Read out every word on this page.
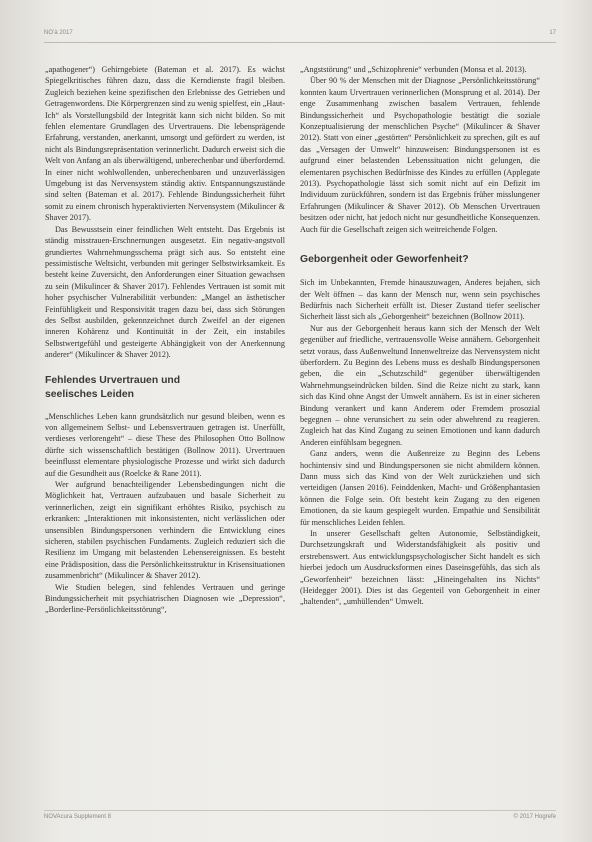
NO’à 2017	17

„apathogener“) Gehirngebiete (Bateman et al. 2017). Es wächst Spiegelkritisches führen dazu, dass die Kerndienste fragil bleiben. Zugleich beziehen keine spezifischen den Erlebnisse des Getrieben und Getragenwordens. Die Körpergrenzen sind zu wenig spielfest, ein „Haut-Ich“ als Vorstellungsbild der Integrität kann sich nicht bilden. So mit fehlen elementare Grundlagen des Urvertrauens. Die lebensprägende Erfahrung, verstanden, anerkannt, umsorgt und gefördert zu werden, ist nicht als Bindungsrepräsentation verinnerlicht. Dadurch erweist sich die Welt von Anfang an als überwältigend, unberechenbar und überfordernd. In einer nicht wohlwollenden, unberechenbaren und unzuverlässigen Umgebung ist das Nervensystem ständig aktiv. Entspannungszustände sind selten (Bateman et al. 2017). Fehlende Bindungssicherheit führt somit zu einem chronisch hyperaktivierten Nervensystem (Mikulincer & Shaver 2017).

Das Bewusstsein einer feindlichen Welt entsteht. Das Ergebnis ist ständig misstrauen-Erschnernungen ausgesetzt. Ein negativ-angstvoll grundiertes Wahrnehmungsschema prägt sich aus. So entsteht eine pessimistische Weltsicht, verbunden mit geringer Selbstwirksamkeit. Es besteht keine Zuversicht, den Anforderungen einer Situation gewachsen zu sein (Mikulincer & Shaver 2017). Fehlendes Vertrauen ist somit mit hoher psychischer Vulnerabilität verbunden: „Mangel an ästhetischer Feinfühligkeit und Responsivität tragen dazu bei, dass sich Störungen des Selbst ausbilden, gekennzeichnet durch Zweifel an der eigenen inneren Kohärenz und Kontinuität in der Zeit, ein instabiles Selbstwertgefühl und gesteigerte Abhängigkeit von der Anerkennung anderer“ (Mikulincer & Shaver 2012).

Fehlendes Urvertrauen und seelisches Leiden

„Menschliches Leben kann grundsätzlich nur gesund bleiben, wenn es von allgemeinem Selbst- und Lebensvertrauen getragen ist. Unerfüllt, verdieses verlorengeht“ – diese These des Philosophen Otto Bollnow dürfte sich wissenschaftlich bestätigen (Bollnow 2011). Urvertrauen beeinflusst elementare physiologische Prozesse und wirkt sich dadurch auf die Gesundheit aus (Roelcke & Rane 2011).

Wer aufgrund benachteiligender Lebensbedingungen nicht die Möglichkeit hat, Vertrauen aufzubauen und basale Sicherheit zu verinnerlichen, zeigt ein signifikant erhöhtes Risiko, psychisch zu erkranken: „Interaktionen mit inkonsistenten, nicht verlässlichen oder unsensiblen Bindungspersonen verhindern die Entwicklung eines sicheren, stabilen psychischen Fundaments. Zugleich reduziert sich die Resilienz im Umgang mit belastenden Lebensereignissen. Es besteht eine Prädisposition, dass die Persönlichkeitsstruktur in Krisensituationen zusammenbricht“ (Mikulincer & Shaver 2012).

Wie Studien belegen, sind fehlendes Vertrauen und geringe Bindungssicherheit mit psychiatrischen Diagnosen wie „Depression“, „Borderline-Persönlichkeitsstörung“,

„Angststörung“ und „Schizophrenie“ verbunden (Monsa et al. 2013).

Über 90 % der Menschen mit der Diagnose „Persönlichkeitsstörung“ konnten kaum Urvertrauen verinnerlichen (Monsprung et al. 2014). Der enge Zusammenhang zwischen basalem Vertrauen, fehlende Bindungssicherheit und Psychopathologie bestätigt die soziale Konzeptualisierung der menschlichen Psyche“ (Mikulincer & Shaver 2012). Statt von einer „gestörten“ Persönlichkeit zu sprechen, gilt es auf das „Versagen der Umwelt“ hinzuweisen: Bindungspersonen ist es aufgrund einer belastenden Lebenssituation nicht gelungen, die elementaren psychischen Bedürfnisse des Kindes zu erfüllen (Applegate 2013). Psychopathologie lässt sich somit nicht auf ein Defizit im Individuum zurückführen, sondern ist das Ergebnis früher misslungener Erfahrungen (Mikulincer & Shaver 2012). Ob Menschen Urvertrauen besitzen oder nicht, hat jedoch nicht nur gesundheitliche Konsequenzen. Auch für die Gesellschaft zeigen sich weitreichende Folgen.

Geborgenheit oder Geworfenheit?

Sich im Unbekannten, Fremde hinauszuwagen, Anderes bejahen, sich der Welt öffnen – das kann der Mensch nur, wenn sein psychisches Bedürfnis nach Sicherheit erfüllt ist. Dieser Zustand tiefer seelischer Sicherheit lässt sich als „Geborgenheit“ bezeichnen (Bollnow 2011).

Nur aus der Geborgenheit heraus kann sich der Mensch der Welt gegenüber auf friedliche, vertrauensvolle Weise annähern. Geborgenheit setzt voraus, dass Außenweltund Innenweltreize das Nervensystem nicht überfordern. Zu Beginn des Lebens muss es deshalb Bindungspersonen geben, die ein „Schutzschild“ gegenüber überwältigenden Wahrnehmungseindrücken bilden. Sind die Reize nicht zu stark, kann sich das Kind ohne Angst der Umwelt annähern. Es ist in einer sicheren Bindung verankert und kann Anderem oder Fremdem prosozial begegnen – ohne verunsichert zu sein oder abwehrend zu reagieren. Zugleich hat das Kind Zugang zu seinen Emotionen und kann dadurch Anderen einfühlsam begegnen.

Ganz anders, wenn die Außenreize zu Beginn des Lebens hochintensiv sind und Bindungspersonen sie nicht abmildern können. Dann muss sich das Kind von der Welt zurückziehen und sich verteidigen (Jansen 2016). Feinddenken, Macht- und Größenphantasien können die Folge sein. Oft besteht kein Zugang zu den eigenen Emotionen, da sie kaum gespiegelt wurden. Empathie und Sensibilität für menschliches Leiden fehlen.

In unserer Gesellschaft gelten Autonomie, Selbständigkeit, Durchsetzungskraft und Widerstandsfähigkeit als positiv und erstrebenswert. Aus entwicklungspsychologischer Sicht handelt es sich hierbei jedoch um Ausdrucksformen eines Daseinsgefühls, das sich als „Geworfenheit“ bezeichnen lässt: „Hineingehalten ins Nichts“ (Heidegger 2001). Dies ist das Gegenteil von Geborgenheit in einer „haltenden“, „umhüllenden“ Umwelt.

NOVAcura Supplement 8	© 2017 Hogrefe
